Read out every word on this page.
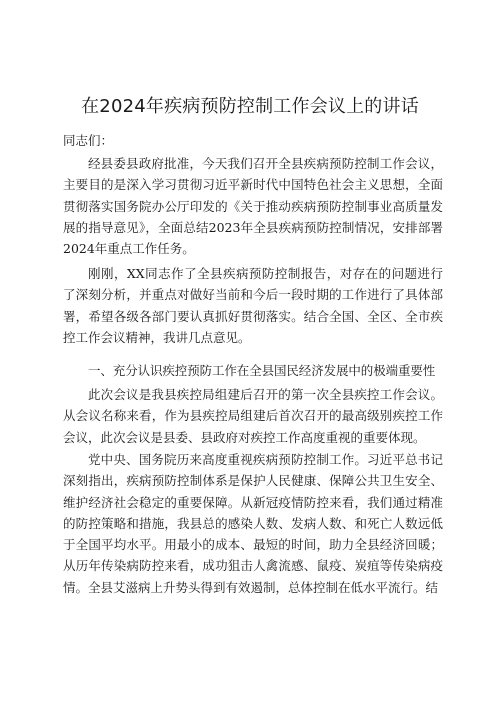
在2024年疾病预防控制工作会议上的讲话
同志们：
经县委县政府批准，今天我们召开全县疾病预防控制工作会议，主要目的是深入学习贯彻习近平新时代中国特色社会主义思想，全面贯彻落实国务院办公厅印发的《关于推动疾病预防控制事业高质量发展的指导意见》，全面总结2023年全县疾病预防控制情况，安排部署2024年重点工作任务。
刚刚，XX同志作了全县疾病预防控制报告，对存在的问题进行了深刻分析，并重点对做好当前和今后一段时期的工作进行了具体部署，希望各级各部门要认真抓好贯彻落实。结合全国、全区、全市疾控工作会议精神，我讲几点意见。
一、充分认识疾控预防工作在全县国民经济发展中的极端重要性
此次会议是我县疾控局组建后召开的第一次全县疾控工作会议。从会议名称来看，作为县疾控局组建后首次召开的最高级别疾控工作会议，此次会议是县委、县政府对疾控工作高度重视的重要体现。
党中央、国务院历来高度重视疾病预防控制工作。习近平总书记深刻指出，疾病预防控制体系是保护人民健康、保障公共卫生安全、维护经济社会稳定的重要保障。从新冠疫情防控来看，我们通过精准的防控策略和措施，我县总的感染人数、发病人数、和死亡人数远低于全国平均水平。用最小的成本、最短的时间，助力全县经济回暖；从历年传染病防控来看，成功狙击人禽流感、鼠疫、炭疽等传染病疫情。全县艾滋病上升势头得到有效遏制，总体控制在低水平流行。结
